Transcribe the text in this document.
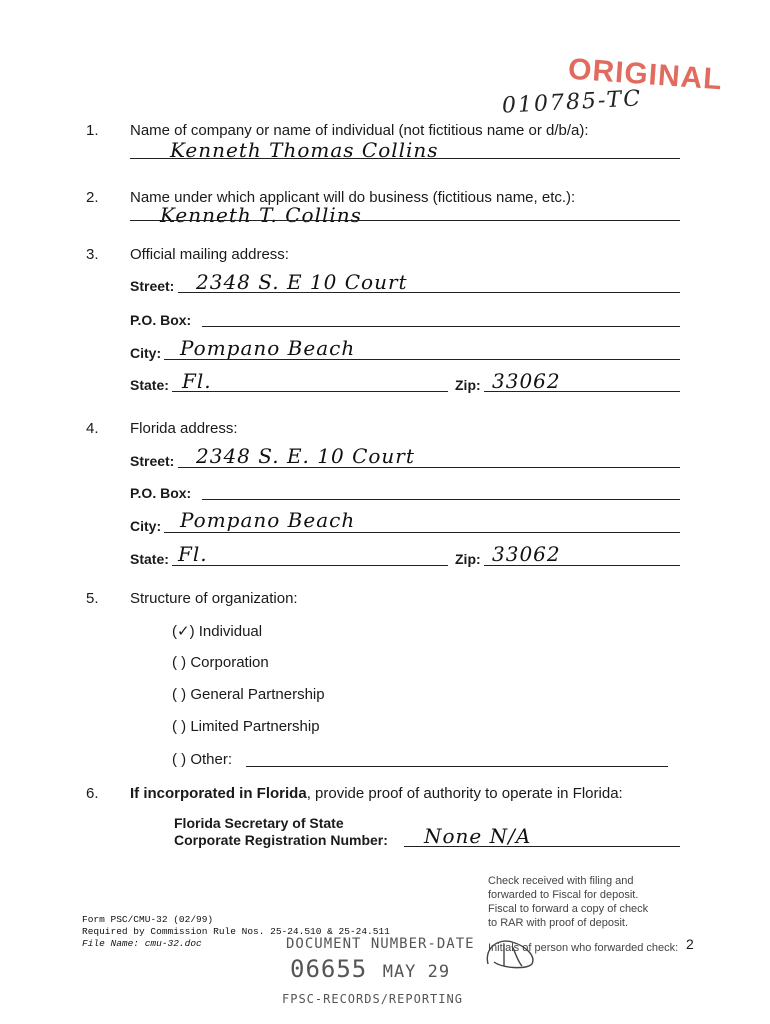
ORIGINAL
010785-TC
1. Name of company or name of individual (not fictitious name or d/b/a):
Kenneth Thomas Collins
2. Name under which applicant will do business (fictitious name, etc.):
Kenneth T. Collins
3. Official mailing address:
Street: 2348 S. E 10 Court
P.O. Box:
City: Pompano Beach
State: Fl.	Zip: 33062
4. Florida address:
Street: 2348 S. E. 10 Court
P.O. Box:
City: Pompano Beach
State: Fl.	Zip: 33062
5. Structure of organization:
(✓) Individual
( ) Corporation
( ) General Partnership
( ) Limited Partnership
( ) Other:
6. If incorporated in Florida, provide proof of authority to operate in Florida:
Florida Secretary of State
Corporate Registration Number: None N/A
Check received with filing and
forwarded to Fiscal for deposit.
Fiscal to forward a copy of check
to RAR with proof of deposit.
Initials of person who forwarded check:
Form PSC/CMU-32 (02/99)
Required by Commission Rule Nos. 25-24.510 & 25-24.511
File Name: cmu-32.doc	DOCUMENT NUMBER-DATE
06655 MAY 29
FPSC-RECORDS/REPORTING
2
